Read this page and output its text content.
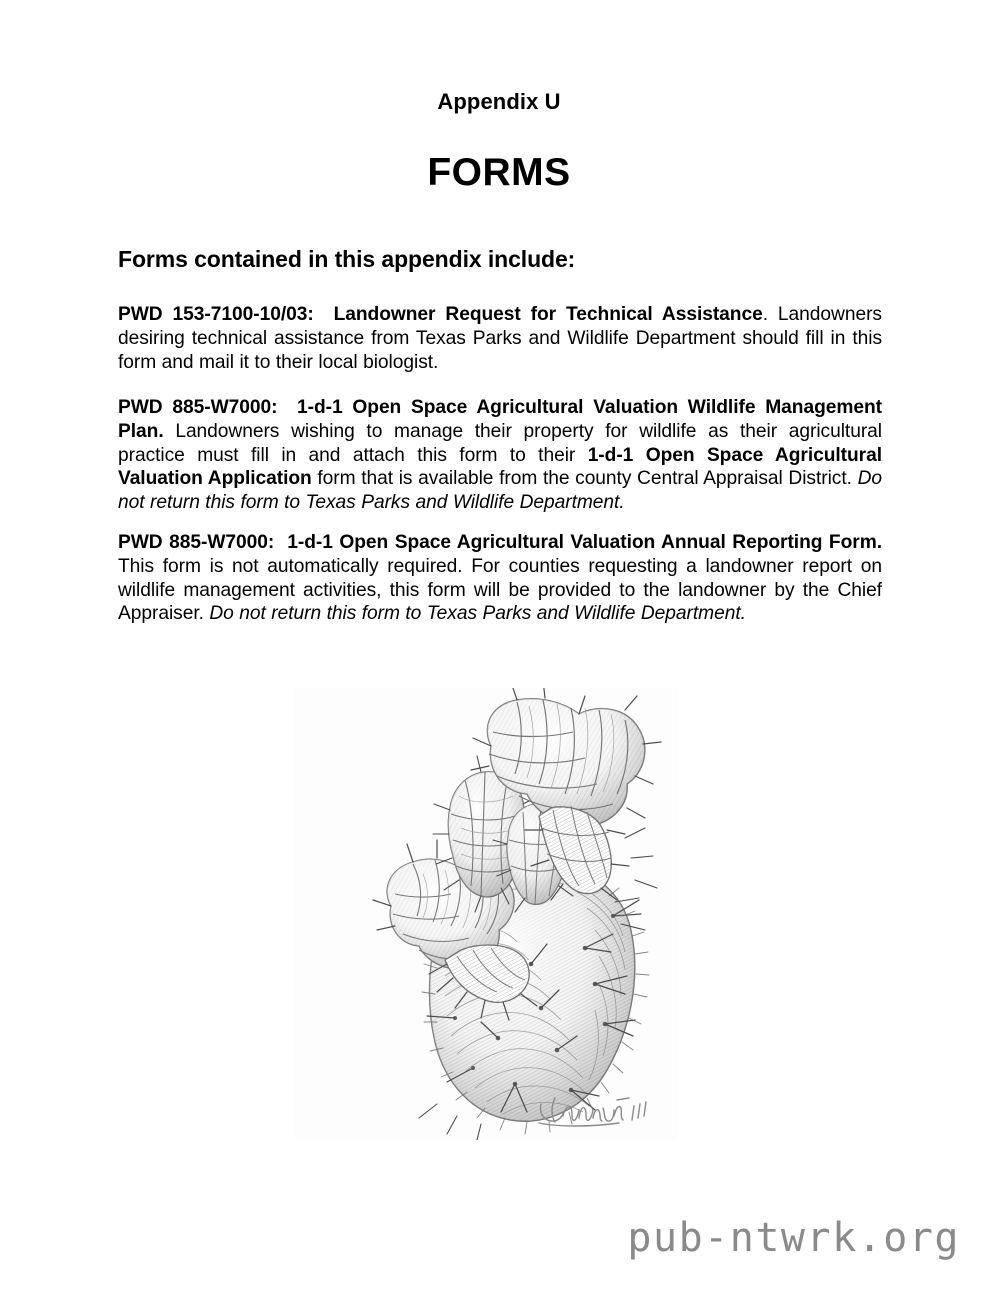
Appendix U
FORMS
Forms contained in this appendix include:

PWD 153-7100-10/03: Landowner Request for Technical Assistance. Landowners desiring technical assistance from Texas Parks and Wildlife Department should fill in this form and mail it to their local biologist.

PWD 885-W7000: 1-d-1 Open Space Agricultural Valuation Wildlife Management Plan. Landowners wishing to manage their property for wildlife as their agricultural practice must fill in and attach this form to their 1-d-1 Open Space Agricultural Valuation Application form that is available from the county Central Appraisal District. Do not return this form to Texas Parks and Wildlife Department.

PWD 885-W7000: 1-d-1 Open Space Agricultural Valuation Annual Reporting Form. This form is not automatically required. For counties requesting a landowner report on wildlife management activities, this form will be provided to the landowner by the Chief Appraiser. Do not return this form to Texas Parks and Wildlife Department.

pub-ntwrk.org
